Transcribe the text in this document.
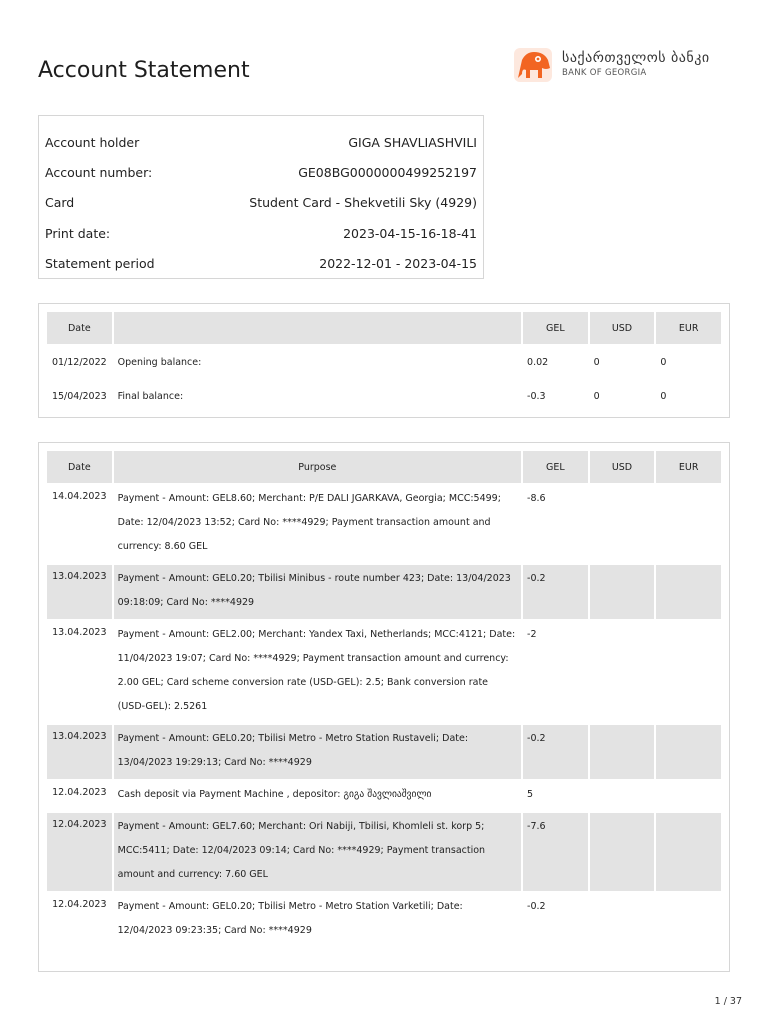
Account Statement	საქართველოს ბანკი
BANK OF GEORGIA
Account holder	GIGA SHAVLIASHVILI
Account number:	GE08BG0000000499252197
Card	Student Card - Shekvetili Sky (4929)
Print date:	2023-04-15-16-18-41
Statement period	2022-12-01 - 2023-04-15
Date		GEL	USD	EUR
01/12/2022	Opening balance:	0.02	0	0
15/04/2023	Final balance:	-0.3	0	0
Date	Purpose	GEL	USD	EUR
14.04.2023	Payment - Amount: GEL8.60; Merchant: P/E DALI JGARKAVA, Georgia; MCC:5499; Date: 12/04/2023 13:52; Card No: ****4929; Payment transaction amount and currency: 8.60 GEL	-8.6		
13.04.2023	Payment - Amount: GEL0.20; Tbilisi Minibus - route number 423; Date: 13/04/2023 09:18:09; Card No: ****4929	-0.2		
13.04.2023	Payment - Amount: GEL2.00; Merchant: Yandex Taxi, Netherlands; MCC:4121; Date: 11/04/2023 19:07; Card No: ****4929; Payment transaction amount and currency: 2.00 GEL; Card scheme conversion rate (USD-GEL): 2.5; Bank conversion rate (USD-GEL): 2.5261	-2		
13.04.2023	Payment - Amount: GEL0.20; Tbilisi Metro - Metro Station Rustaveli; Date: 13/04/2023 19:29:13; Card No: ****4929	-0.2		
12.04.2023	Cash deposit via Payment Machine , depositor: გიგა შავლიაშვილი	5		
12.04.2023	Payment - Amount: GEL7.60; Merchant: Ori Nabiji, Tbilisi, Khomleli st. korp 5; MCC:5411; Date: 12/04/2023 09:14; Card No: ****4929; Payment transaction amount and currency: 7.60 GEL	-7.6		
12.04.2023	Payment - Amount: GEL0.20; Tbilisi Metro - Metro Station Varketili; Date: 12/04/2023 09:23:35; Card No: ****4929	-0.2		
1 / 37
